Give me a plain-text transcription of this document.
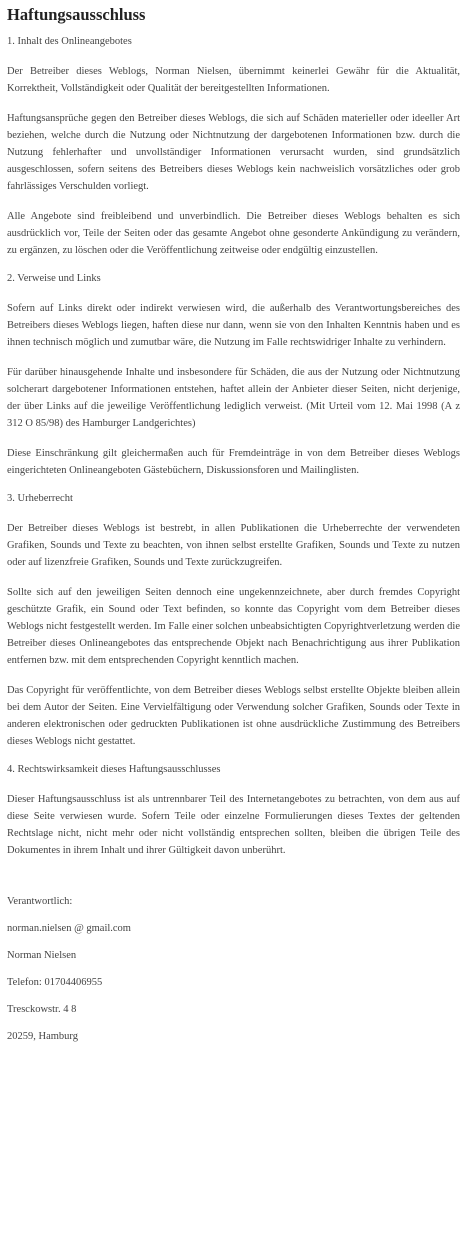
Haftungsausschluss
1. Inhalt des Onlineangebotes

Der Betreiber dieses Weblogs, Norman Nielsen, übernimmt keinerlei Gewähr für die Aktualität, Korrektheit, Vollständigkeit oder Qualität der bereitgestellten Informationen.

Haftungsansprüche gegen den Betreiber dieses Weblogs, die sich auf Schäden materieller oder ideeller Art beziehen, welche durch die Nutzung oder Nichtnutzung der dargebotenen Informationen bzw. durch die Nutzung fehlerhafter und unvollständiger Informationen verursacht wurden, sind grundsätzlich ausgeschlossen, sofern seitens des Betreibers dieses Weblogs kein nachweislich vorsätzliches oder grob fahrlässiges Verschulden vorliegt.

Alle Angebote sind freibleibend und unverbindlich. Die Betreiber dieses Weblogs behalten es sich ausdrücklich vor, Teile der Seiten oder das gesamte Angebot ohne gesonderte Ankündigung zu verändern, zu ergänzen, zu löschen oder die Veröffentlichung zeitweise oder endgültig einzustellen.

2. Verweise und Links

Sofern auf Links direkt oder indirekt verwiesen wird, die außerhalb des Verantwortungsbereiches des Betreibers dieses Weblogs liegen, haften diese nur dann, wenn sie von den Inhalten Kenntnis haben und es ihnen technisch möglich und zumutbar wäre, die Nutzung im Falle rechtswidriger Inhalte zu verhindern.

Für darüber hinausgehende Inhalte und insbesondere für Schäden, die aus der Nutzung oder Nichtnutzung solcherart dargebotener Informationen entstehen, haftet allein der Anbieter dieser Seiten, nicht derjenige, der über Links auf die jeweilige Veröffentlichung lediglich verweist. (Mit Urteil vom 12. Mai 1998 (A z 312 O 85/98) des Hamburger Landgerichtes)

Diese Einschränkung gilt gleichermaßen auch für Fremdeinträge in von dem Betreiber dieses Weblogs eingerichteten Onlineangeboten Gästebüchern, Diskussionsforen und Mailinglisten.

3. Urheberrecht

Der Betreiber dieses Weblogs ist bestrebt, in allen Publikationen die Urheberrechte der verwendeten Grafiken, Sounds und Texte zu beachten, von ihnen selbst erstellte Grafiken, Sounds und Texte zu nutzen oder auf lizenzfreie Grafiken, Sounds und Texte zurückzugreifen.

Sollte sich auf den jeweiligen Seiten dennoch eine ungekennzeichnete, aber durch fremdes Copyright geschützte Grafik, ein Sound oder Text befinden, so konnte das Copyright vom dem Betreiber dieses Weblogs nicht festgestellt werden. Im Falle einer solchen unbeabsichtigten Copyrightverletzung werden die Betreiber dieses Onlineangebotes das entsprechende Objekt nach Benachrichtigung aus ihrer Publikation entfernen bzw. mit dem entsprechenden Copyright kenntlich machen.

Das Copyright für veröffentlichte, von dem Betreiber dieses Weblogs selbst erstellte Objekte bleiben allein bei dem Autor der Seiten. Eine Vervielfältigung oder Verwendung solcher Grafiken, Sounds oder Texte in anderen elektronischen oder gedruckten Publikationen ist ohne ausdrückliche Zustimmung des Betreibers dieses Weblogs nicht gestattet.

4. Rechtswirksamkeit dieses Haftungsausschlusses

Dieser Haftungsausschluss ist als untrennbarer Teil des Internetangebotes zu betrachten, von dem aus auf diese Seite verwiesen wurde. Sofern Teile oder einzelne Formulierungen dieses Textes der geltenden Rechtslage nicht, nicht mehr oder nicht vollständig entsprechen sollten, bleiben die übrigen Teile des Dokumentes in ihrem Inhalt und ihrer Gültigkeit davon unberührt.

Verantwortlich:
norman.nielsen @ gmail.com
Norman Nielsen
Telefon: 01704406955
Tresckowstr. 4 8
20259, Hamburg
